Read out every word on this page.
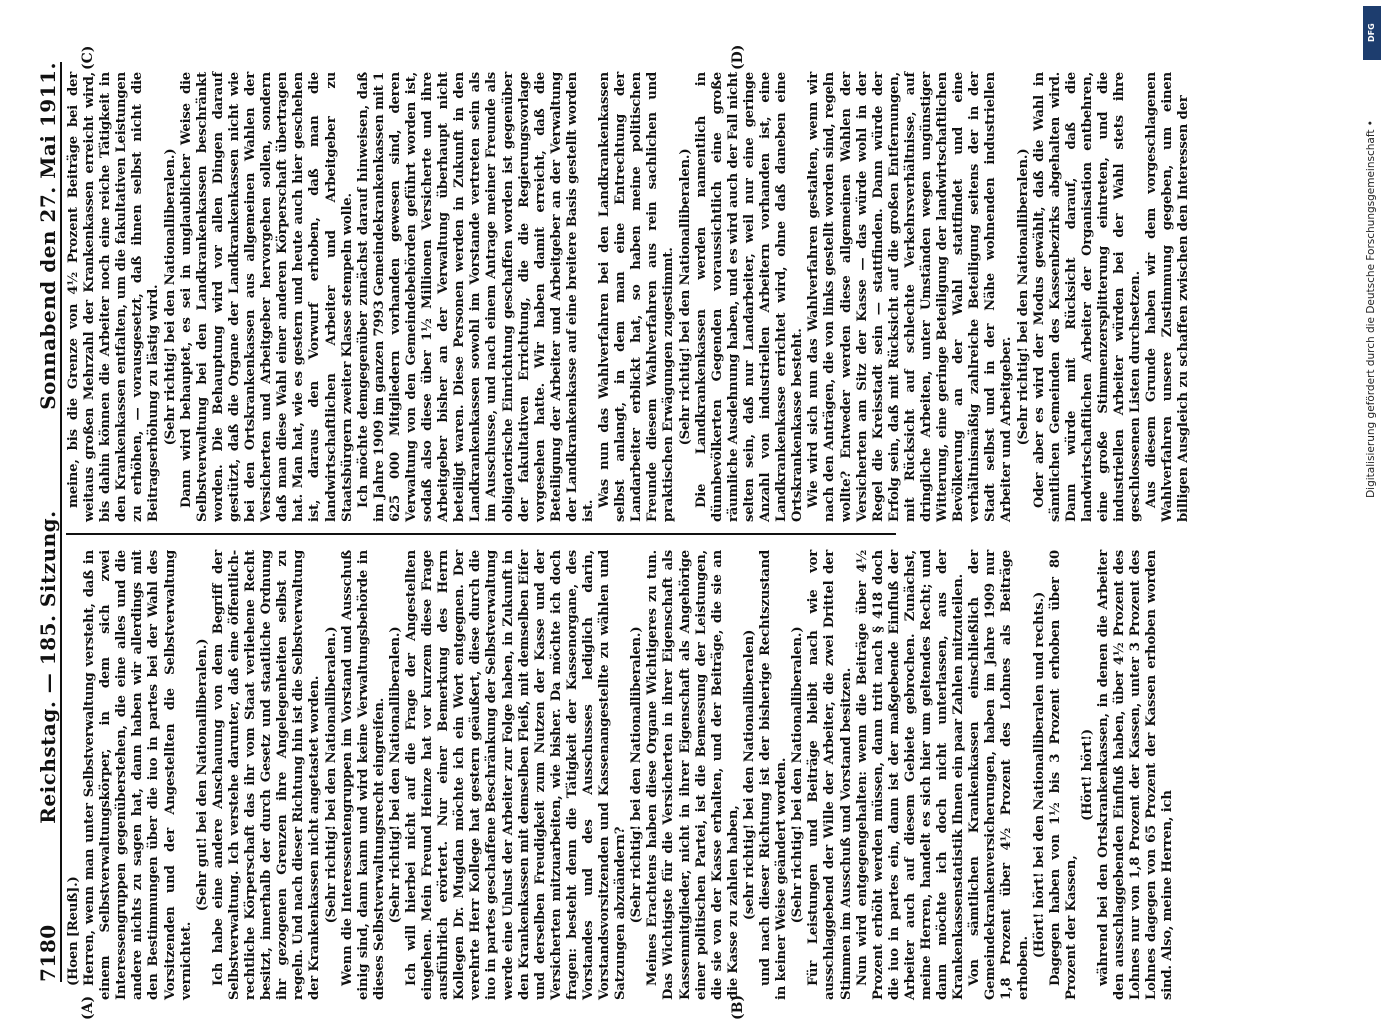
7180
Reichstag. — 185. Sitzung.
Sonnabend den 27. Mai 1911.

(Hoen [Reuß].) Herren, wenn man unter Selbstverwaltung versteht, daß in einem Selbstverwaltungskörper, in dem sich zwei Interessengruppen gegenüberstehen, die eine alles und die andere nichts zu sagen hat, dann haben wir allerdings mit den Bestimmungen über die iuo in partes bei der Wahl des Vorsitzenden und der Angestellten die Selbstverwaltung vernichtet.

(Sehr gut! bei den Nationalliberalen.) Ich habe eine andere Anschauung von dem Begriff der Selbstverwaltung. Ich verstehe darunter, daß eine öffentlich-rechtliche Körperschaft das ihr vom Staat verliehene Recht besitzt, innerhalb der durch Gesetz und staatliche Ordnung ihr gezogenen Grenzen ihre Angelegenheiten selbst zu regeln. Und nach dieser Richtung hin ist die Selbstverwaltung der Krankenkassen nicht angetastet worden. (Sehr richtig! bei den Nationalliberalen.) Wenn die Interessentengruppen im Vorstand und Ausschuß einig sind, dann kann und wird keine Verwaltungsbehörde in dieses Selbstverwaltungsrecht eingreifen. (Sehr richtig! bei den Nationalliberalen.) Ich will hierbei nicht auf die Frage der Angestellten eingehen. Mein Freund Heinze hat vor kurzem diese Frage ausführlich erörtert. Nur einer Bemerkung des Herrn Kollegen Dr. Mugdan möchte ich ein Wort entgegnen. Der verehrte Herr Kollege hat gestern geäußert, diese durch die iuo in partes geschaffene Beschränkung der Selbstverwaltung werde eine Unlust der Arbeiter zur Folge haben, in Zukunft in den Krankenkassen mit demselben Fleiß, mit demselben Eifer und derselben Freudigkeit zum Nutzen der Kasse und der Versicherten mitzuarbeiten, wie bisher. Da möchte ich doch fragen: besteht denn die Tätigkeit der Kassenorgane, des Vorstandes und des Ausschusses lediglich darin, Vorstandsvorsitzenden und Kassenangestellte zu wählen und Satzungen abzuändern? (Sehr richtig! bei den Nationalliberalen.) Meines Erachtens haben diese Organe Wichtigeres zu tun. Das Wichtigste für die Versicherten in ihrer Eigenschaft als Kassenmitglieder, nicht in ihrer Eigenschaft als Angehörige einer politischen Partei, ist die Bemessung der Leistungen, die sie von der Kasse erhalten, und der Beiträge, die sie an die Kasse zu zahlen haben, (sehr richtig! bei den Nationalliberalen) und nach dieser Richtung ist der bisherige Rechtszustand in keiner Weise geändert worden. (Sehr richtig! bei den Nationalliberalen.) Für Leistungen und Beiträge bleibt nach wie vor ausschlaggebend der Wille der Arbeiter, die zwei Drittel der Stimmen im Ausschuß und Vorstand besitzen. Nun wird entgegengehalten: wenn die Beiträge über 4½ Prozent erhöht werden müssen, dann tritt nach § 418 doch die iuo in partes ein, dann ist der maßgebende Einfluß der Arbeiter auch auf diesem Gebiete gebrochen. Zunächst, meine Herren, handelt es sich hier um geltendes Recht; und dann möchte ich doch nicht unterlassen, aus der Krankenkassenstatistik Ihnen ein paar Zahlen mitzuteilen. Von sämtlichen Krankenkassen einschließlich der Gemeindekrankenversicherungen, haben im Jahre 1909 nur 1,8 Prozent über 4½ Prozent des Lohnes als Beiträge erhoben.

(Hört! hört! bei den Nationalliberalen und rechts.) Dagegen haben von 1½ bis 3 Prozent erhoben über 80 Prozent der Kassen,

(Hört! hört!) während bei den Ortskrankenkassen, in denen die Arbeiter den ausschlaggebenden Einfluß haben, über 4½ Prozent des Lohnes nur von 1,8 Prozent der Kassen, unter 3 Prozent des Lohnes dagegen von 65 Prozent der Kassen erhoben worden sind. Also, meine Herren, ich

meine, bis die Grenze von 4½ Prozent Beiträge bei der weitaus großen Mehrzahl der Krankenkassen erreicht wird, bis dahin können die Arbeiter noch eine reiche Tätigkeit in den Krankenkassen entfalten, um die fakultativen Leistungen zu erhöhen, — vorausgesetzt, daß ihnen selbst nicht die Beitragserhöhung zu lästig wird. (Sehr richtig! bei den Nationalliberalen.) Dann wird behauptet, es sei in unglaublicher Weise die Selbstverwaltung bei den Landkrankenkassen beschränkt worden. Die Behauptung wird vor allen Dingen darauf gestützt, daß die Organe der Landkrankenkassen nicht wie bei den Ortskrankenkassen aus allgemeinen Wahlen der Versicherten und Arbeitgeber hervorgehen sollen, sondern daß man diese Wahl einer anderen Körperschaft übertragen hat. Man hat, wie es gestern und heute auch hier geschehen ist, daraus den Vorwurf erhoben, daß man die landwirtschaftlichen Arbeiter und Arbeitgeber zu Staatsbürgern zweiter Klasse stempeln wolle. Ich möchte demgegenüber zunächst darauf hinweisen, daß im Jahre 1909 im ganzen 7993 Gemeindekrankenkassen mit 1 625 000 Mitgliedern vorhanden gewesen sind, deren Verwaltung von den Gemeindebehörden geführt worden ist, sodaß also diese über 1½ Millionen Versicherte und ihre Arbeitgeber bisher an der Verwaltung überhaupt nicht beteiligt waren. Diese Personen werden in Zukunft in den Landkrankenkassen sowohl im Vorstande vertreten sein als im Ausschusse, und nach einem Antrage meiner Freunde als obligatorische Einrichtung geschaffen worden ist gegenüber der fakultativen Errichtung, die die Regierungsvorlage vorgesehen hatte. Wir haben damit erreicht, daß die Beteiligung der Arbeiter und Arbeitgeber an der Verwaltung der Landkrankenkasse auf eine breitere Basis gestellt worden ist.

Was nun das Wahlverfahren bei den Landkrankenkassen selbst anlangt, in dem man eine Entrechtung der Landarbeiter erblickt hat, so haben meine politischen Freunde diesem Wahlverfahren aus rein sachlichen und praktischen Erwägungen zugestimmt. (Sehr richtig! bei den Nationalliberalen.) Die Landkrankenkassen werden namentlich in dünnbevölkerten Gegenden voraussichtlich eine große räumliche Ausdehnung haben, und es wird auch der Fall nicht selten sein, daß nur Landarbeiter, weil nur eine geringe Anzahl von industriellen Arbeitern vorhanden ist, eine Landkrankenkasse errichtet wird, ohne daß daneben eine Ortskrankenkasse besteht. Wie wird sich nun das Wahlverfahren gestalten, wenn wir nach den Anträgen, die von links gestellt worden sind, regeln wollte? Entweder werden diese allgemeinen Wahlen der Versicherten am Sitz der Kasse — das würde wohl in der Regel die Kreisstadt sein — stattfinden. Dann würde der Erfolg sein, daß mit Rücksicht auf die großen Entfernungen, mit Rücksicht auf schlechte Verkehrsverhältnisse, auf dringliche Arbeiten, unter Umständen wegen ungünstiger Witterung, eine geringe Beteiligung der landwirtschaftlichen Bevölkerung an der Wahl stattfindet und eine verhältnismäßig zahlreiche Beteiligung seitens der in der Stadt selbst und in der Nähe wohnenden industriellen Arbeiter und Arbeitgeber. (Sehr richtig! bei den Nationalliberalen.) Oder aber es wird der Modus gewählt, daß die Wahl in sämtlichen Gemeinden des Kassenbezirks abgehalten wird. Dann würde mit Rücksicht darauf, daß die landwirtschaftlichen Arbeiter der Organisation entbehren, eine große Stimmenzersplitterung eintreten, und die industriellen Arbeiter würden bei der Wahl stets ihre geschlossenen Listen durchsetzen. Aus diesem Grunde haben wir dem vorgeschlagenen Wahlverfahren unsere Zustimmung gegeben, um einen billigen Ausgleich zu schaffen zwischen den Interessen der

(A)	(B)
(C)	(D)
Digitalisierung gefördert durch die Deutsche Forschungsgemeinschaft •
DFG
